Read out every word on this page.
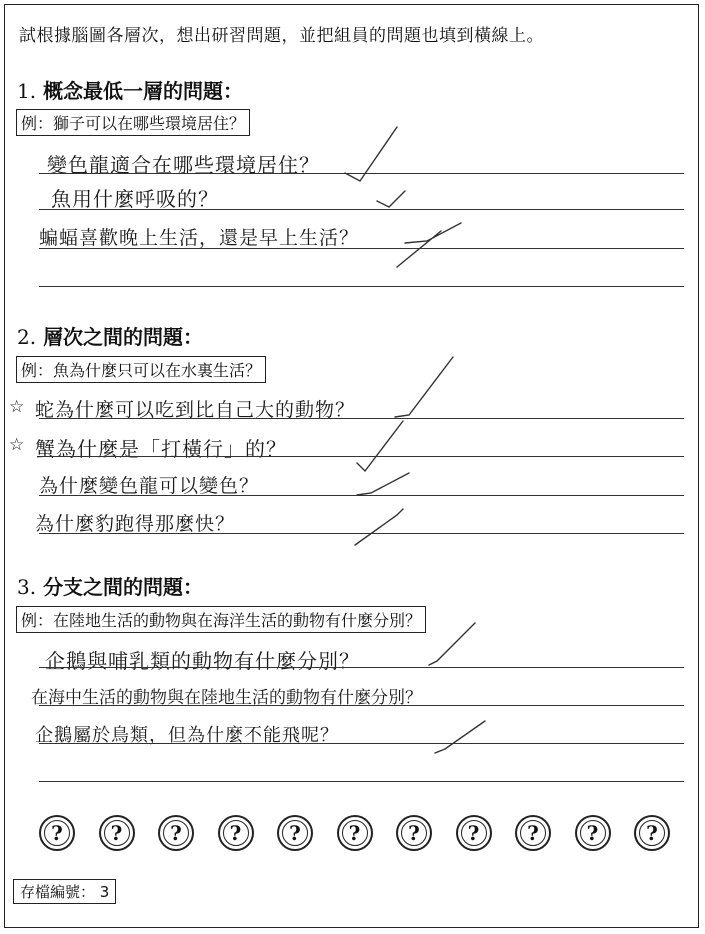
試根據腦圖各層次，想出研習問題，並把組員的問題也填到橫線上。
1. 概念最低一層的問題：
例：獅子可以在哪些環境居住？
變色龍適合在哪些環境居住？
魚用什麼呼吸的？
蝙蝠喜歡晚上生活，還是早上生活？
2. 層次之間的問題：
例：魚為什麼只可以在水裏生活？
☆ 蛇為什麼可以吃到比自己大的動物？
☆ 蟹為什麼是「打橫行」的？
為什麼變色龍可以變色？
為什麼豹跑得那麼快？
3. 分支之間的問題：
例：在陸地生活的動物與在海洋生活的動物有什麼分別？
企鵝與哺乳類的動物有什麼分別？
在海中生活的動物與在陸地生活的動物有什麼分別？
企鵝屬於鳥類，但為什麼不能飛呢？
? ? ? ? ? ? ? ? ? ? ?
存檔編號： 3
